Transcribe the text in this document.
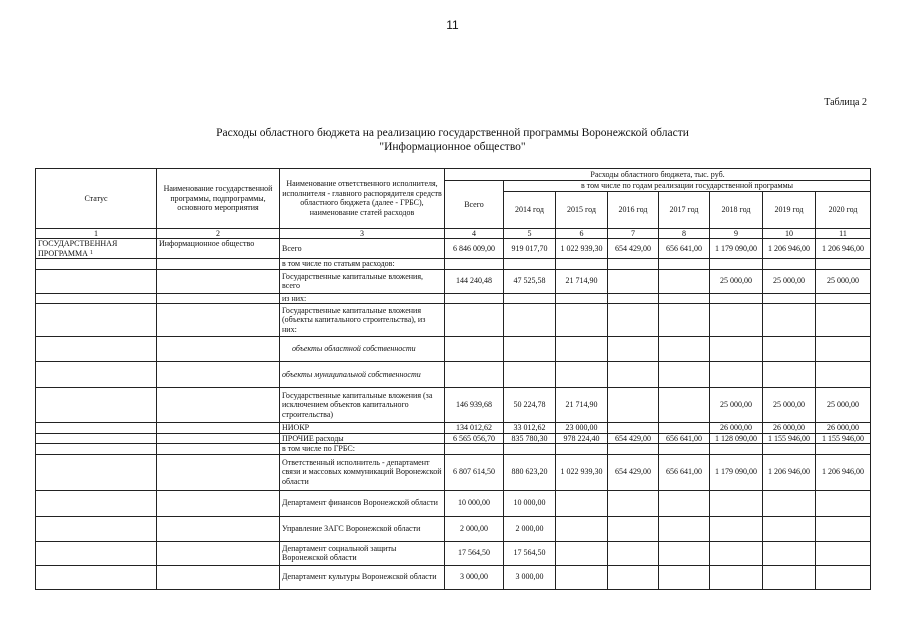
11
Таблица 2
Расходы областного бюджета на реализацию государственной программы Воронежской области
"Информационное общество"
Статус	Наименование государственной программы, подпрограммы, основного мероприятия	Наименование ответственного исполнителя, исполнителя - главного распорядителя средств областного бюджета (далее - ГРБС), наименование статей расходов	Расходы областного бюджета, тыс. руб.							
			Всего	в том числе по годам реализации государственной программы						
				2014 год	2015 год	2016 год	2017 год	2018 год	2019 год	2020 год
1	2	3	4	5	6	7	8	9	10	11
ГОСУДАРСТВЕННАЯ ПРОГРАММА $^1$	Информационное общество	Всего	6 846 009,00	919 017,70	1 022 939,30	654 429,00	656 641,00	1 179 090,00	1 206 946,00	1 206 946,00
		в том числе по статьям расходов:								
		Государственные капитальные вложения, всего	144 240,48	47 525,58	21 714,90			25 000,00	25 000,00	25 000,00
		из них:								
		Государственные капитальные вложения (объекты капитального строительства), из них:								
		объекты областной собственности								
		объекты муниципальной собственности								
		Государственные капитальные вложения (за исключением объектов капитального строительства)	146 939,68	50 224,78	21 714,90			25 000,00	25 000,00	25 000,00
		НИОКР	134 012,62	33 012,62	23 000,00			26 000,00	26 000,00	26 000,00
		ПРОЧИЕ расходы	6 565 056,70	835 780,30	978 224,40	654 429,00	656 641,00	1 128 090,00	1 155 946,00	1 155 946,00
		в том числе по ГРБС:								
		Ответственный исполнитель - департамент связи и массовых коммуникаций Воронежской области	6 807 614,50	880 623,20	1 022 939,30	654 429,00	656 641,00	1 179 090,00	1 206 946,00	1 206 946,00
		Департамент финансов Воронежской области	10 000,00	10 000,00						
		Управление ЗАГС Воронежской области	2 000,00	2 000,00						
		Департамент социальной защиты Воронежской области	17 564,50	17 564,50						
		Департамент культуры Воронежской области	3 000,00	3 000,00						
